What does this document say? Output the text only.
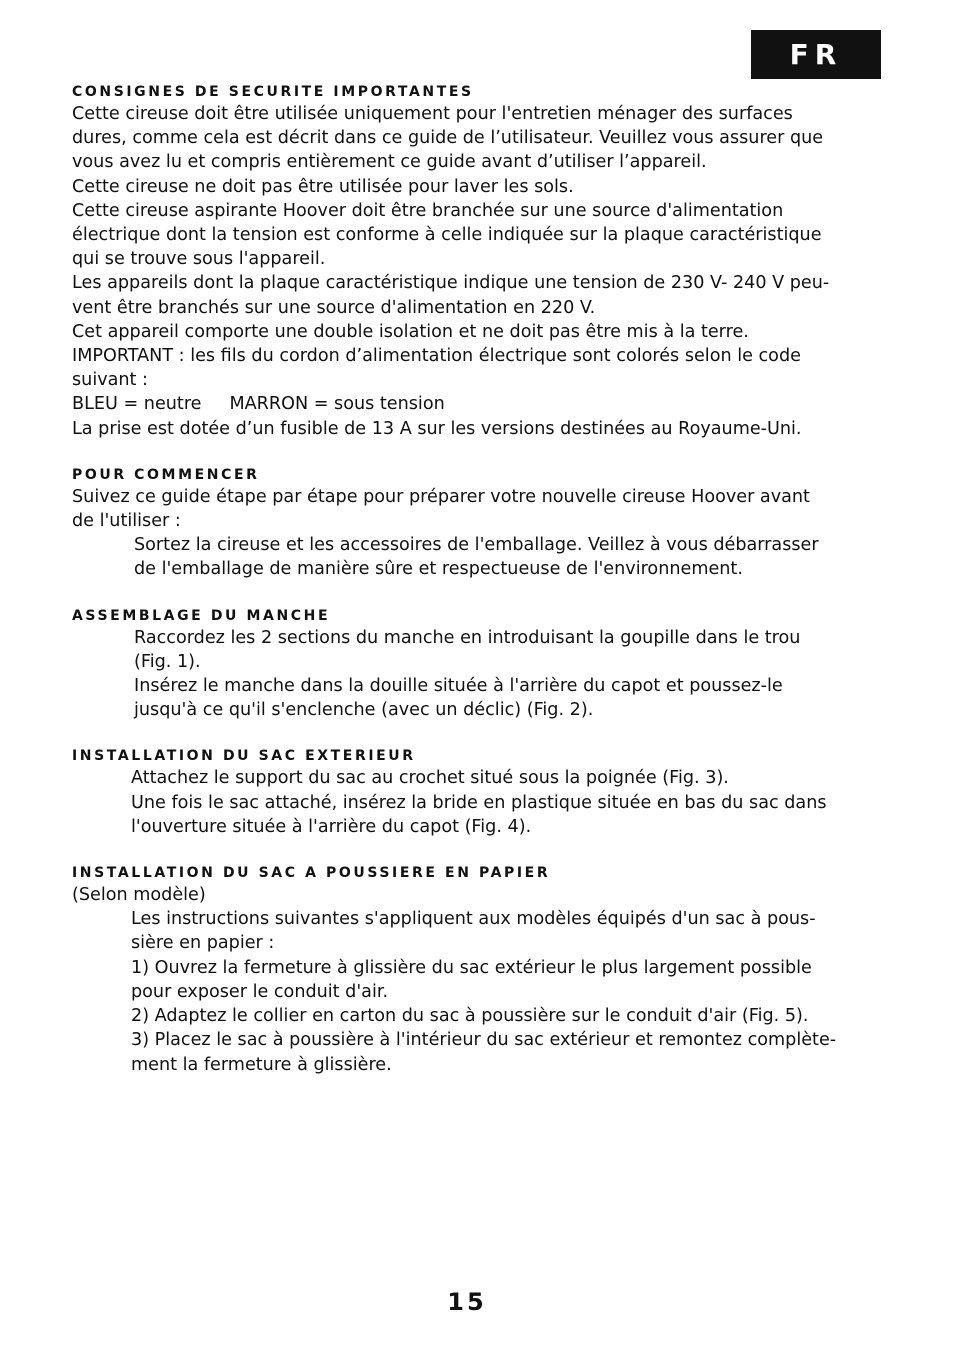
FR
CONSIGNES DE SECURITE IMPORTANTES

Cette cireuse doit être utilisée uniquement pour l'entretien ménager des surfaces

dures, comme cela est décrit dans ce guide de l’utilisateur. Veuillez vous assurer que

vous avez lu et compris entièrement ce guide avant d’utiliser l’appareil.

Cette cireuse ne doit pas être utilisée pour laver les sols.

Cette cireuse aspirante Hoover doit être branchée sur une source d'alimentation

électrique dont la tension est conforme à celle indiquée sur la plaque caractéristique

qui se trouve sous l'appareil.

Les appareils dont la plaque caractéristique indique une tension de 230 V- 240 V peu-

vent être branchés sur une source d'alimentation en 220 V.

Cet appareil comporte une double isolation et ne doit pas être mis à la terre.

IMPORTANT : les fils du cordon d’alimentation électrique sont colorés selon le code

suivant :

BLEU = neutre     MARRON = sous tension

La prise est dotée d’un fusible de 13 A sur les versions destinées au Royaume-Uni.

POUR COMMENCER

Suivez ce guide étape par étape pour préparer votre nouvelle cireuse Hoover avant

de l'utiliser :

Sortez la cireuse et les accessoires de l'emballage. Veillez à vous débarrasser

de l'emballage de manière sûre et respectueuse de l'environnement.

ASSEMBLAGE DU MANCHE

Raccordez les 2 sections du manche en introduisant la goupille dans le trou

(Fig. 1).

Insérez le manche dans la douille située à l'arrière du capot et poussez-le

jusqu'à ce qu'il s'enclenche (avec un déclic) (Fig. 2).

INSTALLATION DU SAC EXTERIEUR

Attachez le support du sac au crochet situé sous la poignée (Fig. 3).

Une fois le sac attaché, insérez la bride en plastique située en bas du sac dans

l'ouverture située à l'arrière du capot (Fig. 4).

INSTALLATION DU SAC A POUSSIERE EN PAPIER

(Selon modèle)

Les instructions suivantes s'appliquent aux modèles équipés d'un sac à pous-

sière en papier :

1) Ouvrez la fermeture à glissière du sac extérieur le plus largement possible

pour exposer le conduit d'air.

2) Adaptez le collier en carton du sac à poussière sur le conduit d'air (Fig. 5).

3) Placez le sac à poussière à l'intérieur du sac extérieur et remontez complète-

ment la fermeture à glissière.

15
